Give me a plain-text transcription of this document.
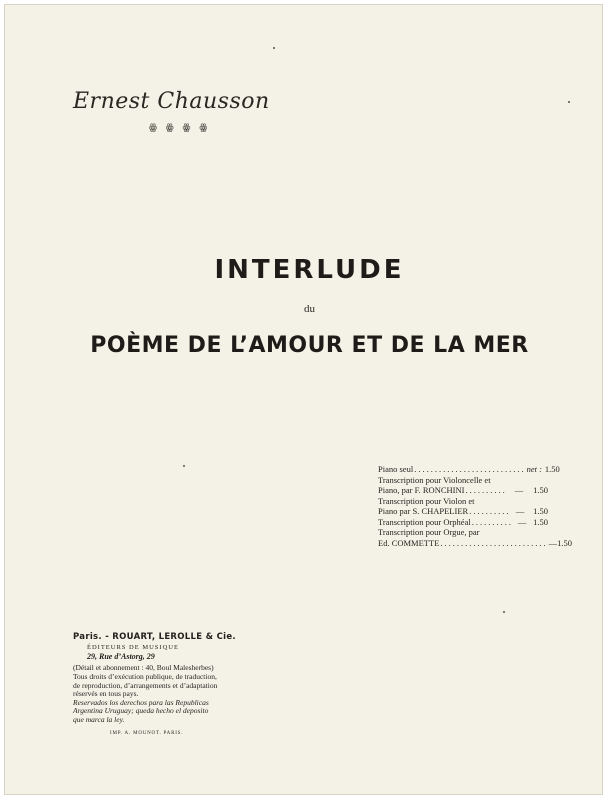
Ernest Chausson
ꙮ ꙮ ꙮ ꙮ
INTERLUDE
du
POÈME DE L’AMOUR ET DE LA MER
Piano seul ........................... net : 1.50
Transcription pour Violoncelle et
Piano, par F. RONCHINI .......... —	1.50
Transcription pour Violon et
Piano par S. CHAPELIER .......... —	1.50
Transcription pour Orphéal .......... — 1.50
Transcription pour Orgue, par
Ed. COMMETTE .......................... — 1.50
Paris. - ROUART, LEROLLE & Cie.
ÉDITEURS DE MUSIQUE
29, Rue d’Astorg, 29
(Détail et abonnement : 40, Boul Malesherbes)
Tous droits d’exécution publique, de traduction,
de reproduction, d’arrangements et d’adaptation
réservés en tous pays.
Reservados los derechos para las Republicas
Argentina Uruguay; queda hecho el deposito
que marca la ley.
IMP. A. MOUNOT. PARIS.
